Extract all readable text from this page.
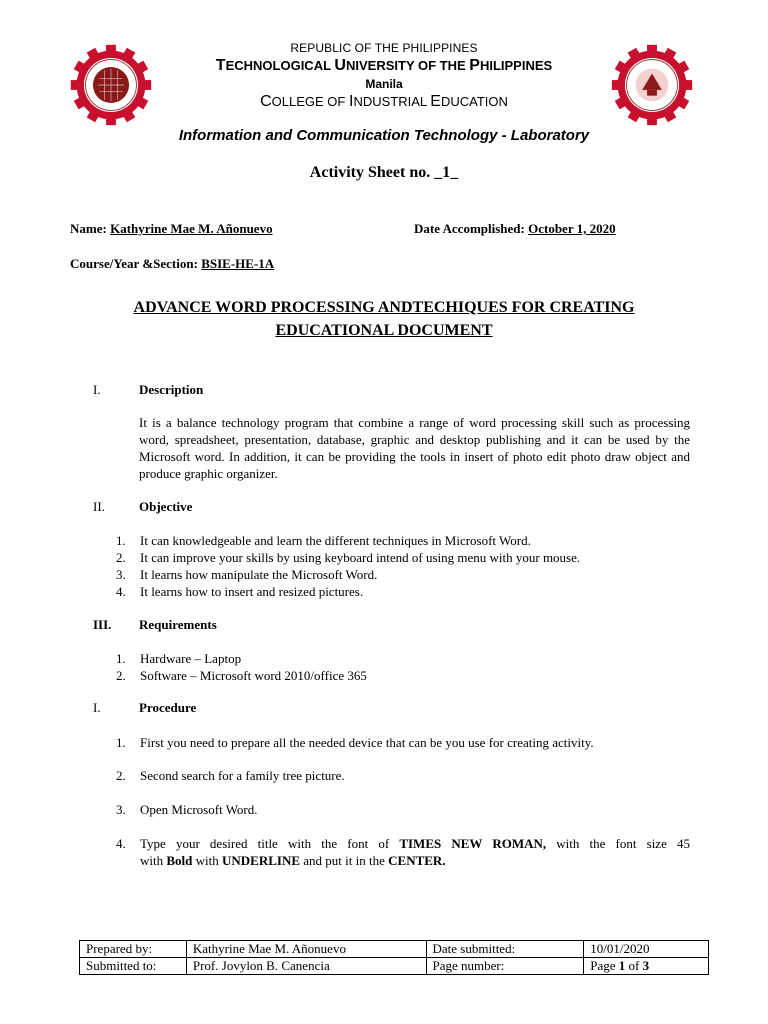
REPUBLIC OF THE PHILIPPINES
TECHNOLOGICAL UNIVERSITY OF THE PHILIPPINES
Manila
COLLEGE OF INDUSTRIAL EDUCATION
Information and Communication Technology - Laboratory
Activity Sheet no. _1_
Name: Kathyrine Mae M. Añonuevo	Date Accomplished: October 1, 2020
Course/Year &Section: BSIE-HE-1A
ADVANCE WORD PROCESSING ANDTECHIQUES FOR CREATING
EDUCATIONAL DOCUMENT
I.	Description
It is a balance technology program that combine a range of word processing skill such as processing word, spreadsheet, presentation, database, graphic and desktop publishing and it can be used by the Microsoft word. In addition, it can be providing the tools in insert of photo edit photo draw object and produce graphic organizer.
II.	Objective
1.	It can knowledgeable and learn the different techniques in Microsoft Word.
2.	It can improve your skills by using keyboard intend of using menu with your mouse.
3.	It learns how manipulate the Microsoft Word.
4.	It learns how to insert and resized pictures.
III. Requirements
1.	Hardware – Laptop
2.	Software – Microsoft word 2010/office 365
I.	Procedure
1.	First you need to prepare all the needed device that can be you use for creating activity.
2.	Second search for a family tree picture.
3.	Open Microsoft Word.
4.	Type your desired title with the font of TIMES NEW ROMAN, with the font size 45
with Bold with UNDERLINE and put it in the CENTER.
Prepared by:	Kathyrine Mae M. Añonuevo	Date submitted:	10/01/2020
Submitted to:	Prof. Jovylon B. Canencia	Page number:	Page 1 of 3
